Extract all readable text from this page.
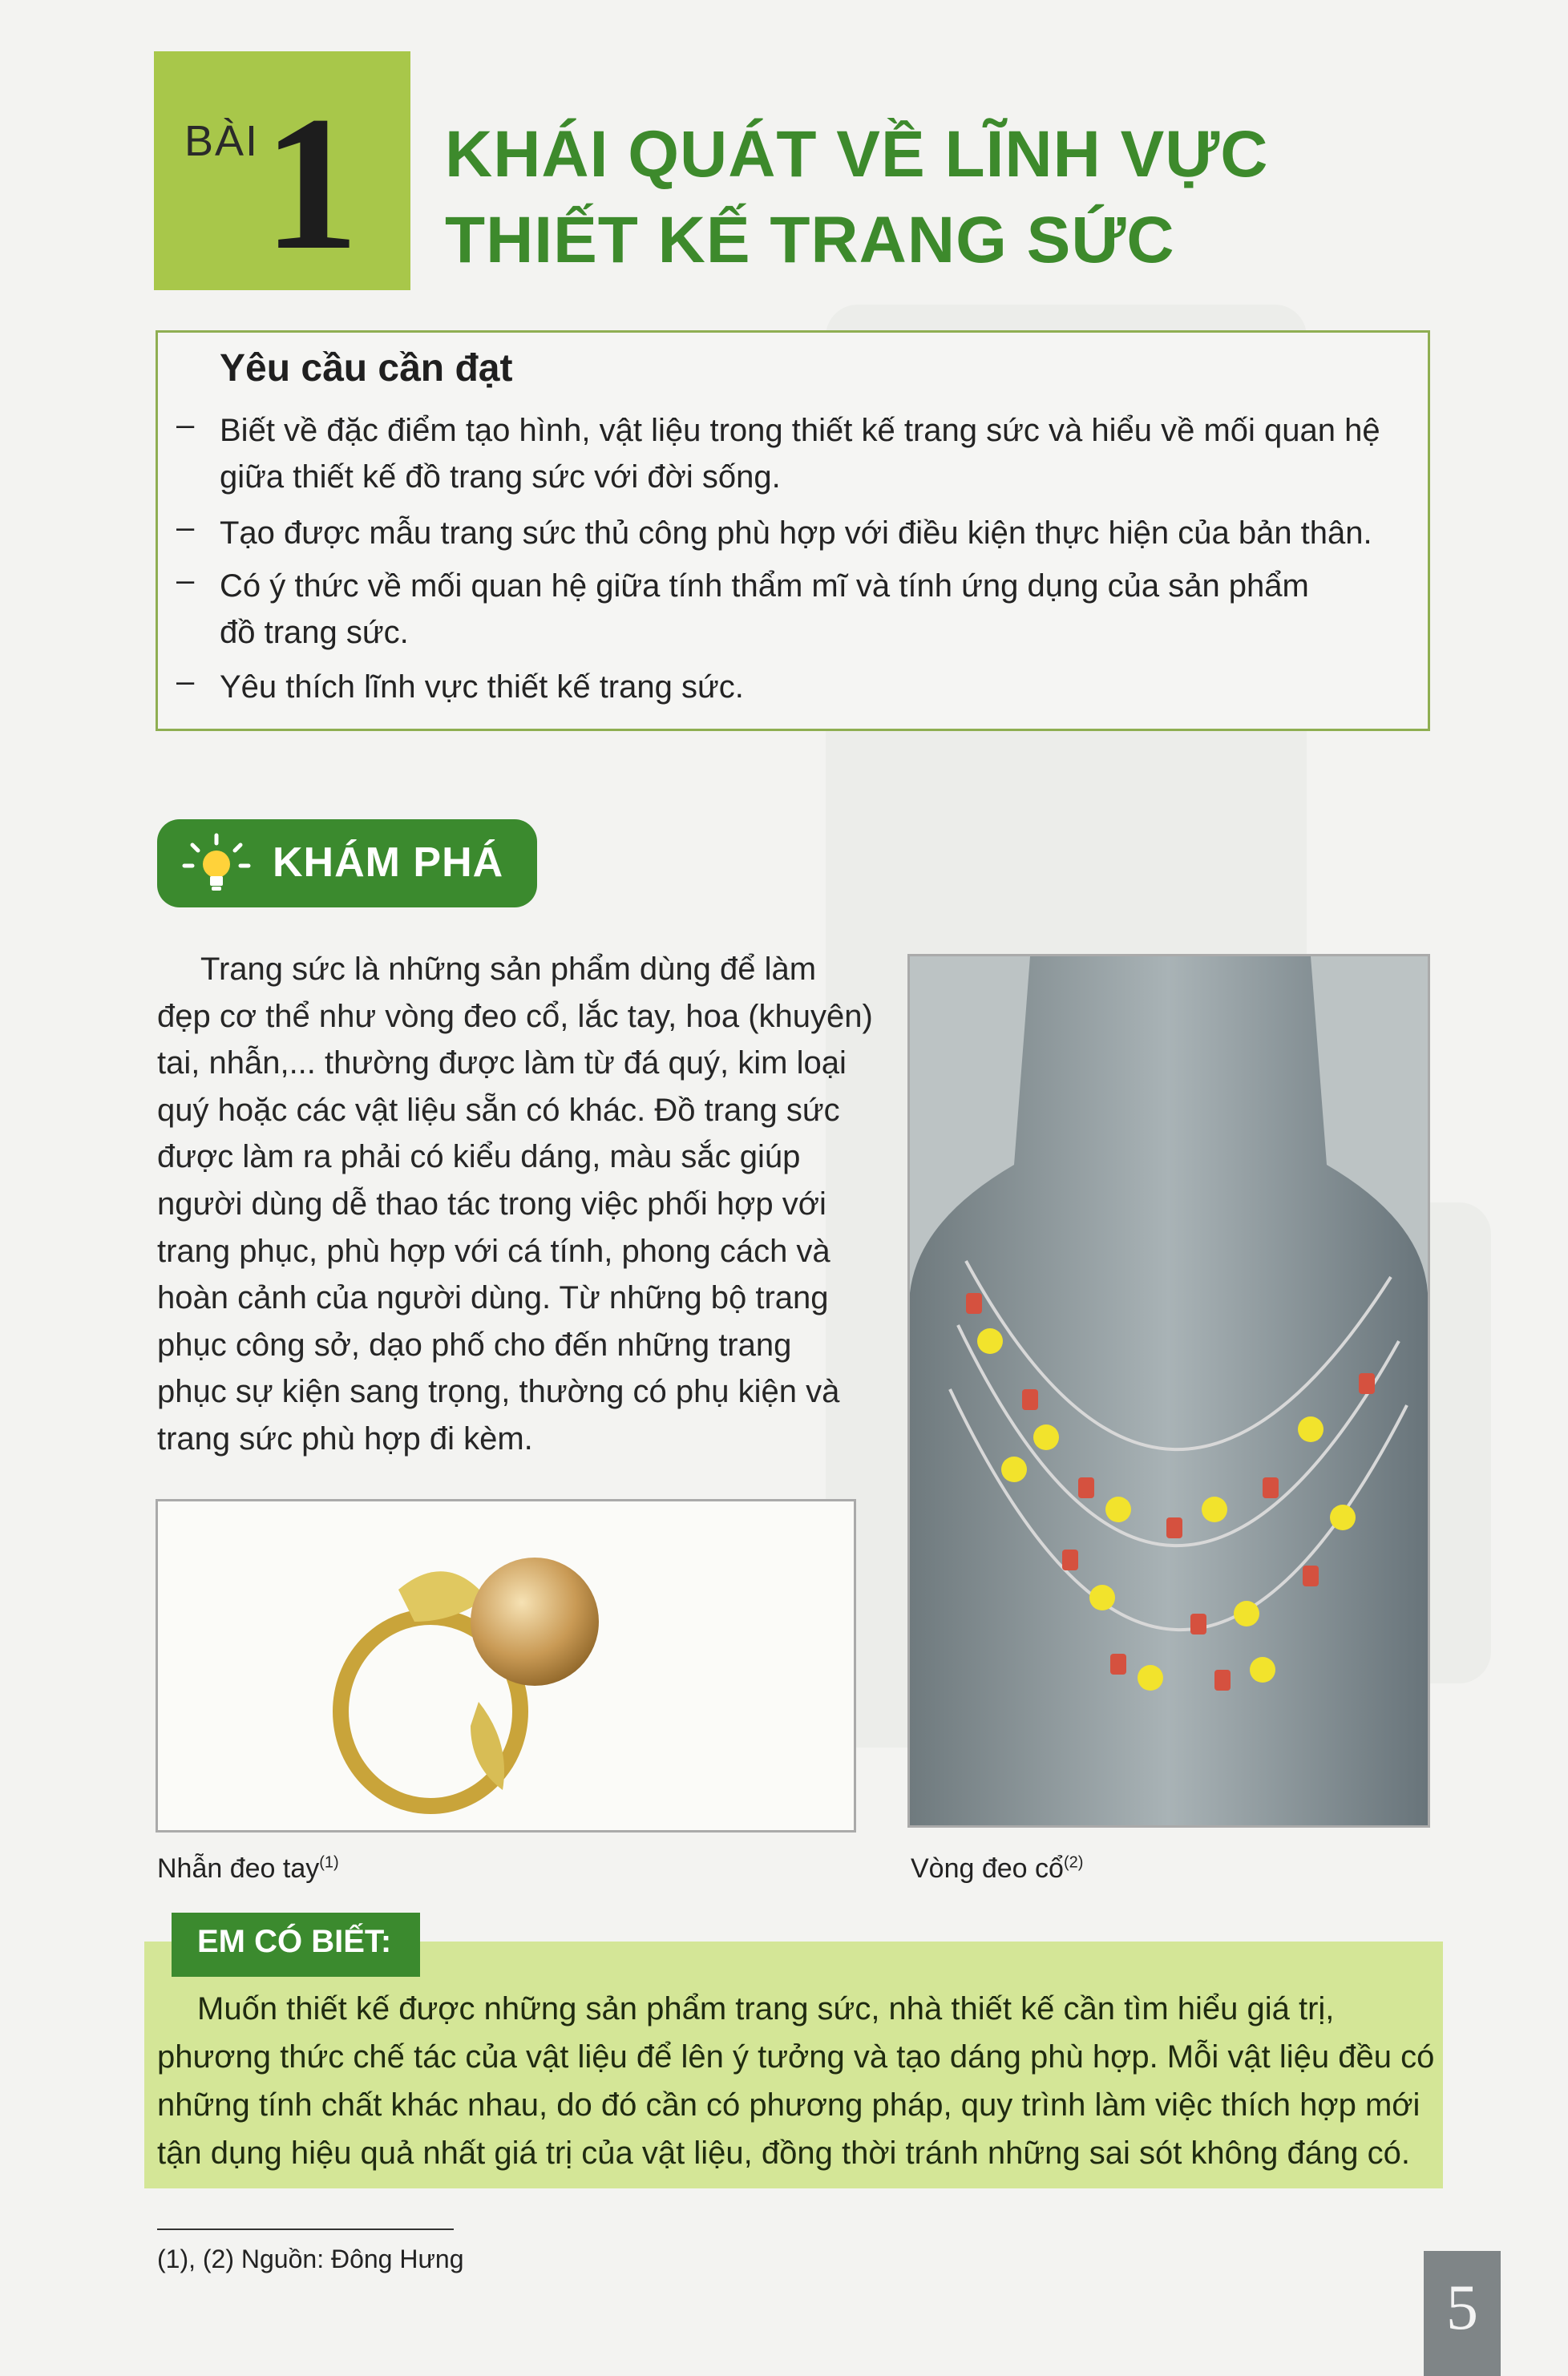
BÀI 1 KHÁI QUÁT VỀ LĨNH VỰC
THIẾT KẾ TRANG SỨC
Yêu cầu cần đạt
– Biết về đặc điểm tạo hình, vật liệu trong thiết kế trang sức và hiểu về mối quan hệ
giữa thiết kế đồ trang sức với đời sống.
– Tạo được mẫu trang sức thủ công phù hợp với điều kiện thực hiện của bản thân.
– Có ý thức về mối quan hệ giữa tính thẩm mĩ và tính ứng dụng của sản phẩm
đồ trang sức.
– Yêu thích lĩnh vực thiết kế trang sức.
KHÁM PHÁ
Trang sức là những sản phẩm dùng để làm
đẹp cơ thể như vòng đeo cổ, lắc tay, hoa (khuyên)
tai, nhẫn,... thường được làm từ đá quý, kim loại
quý hoặc các vật liệu sẵn có khác. Đồ trang sức
được làm ra phải có kiểu dáng, màu sắc giúp
người dùng dễ thao tác trong việc phối hợp với
trang phục, phù hợp với cá tính, phong cách và
hoàn cảnh của người dùng. Từ những bộ trang
phục công sở, dạo phố cho đến những trang
phục sự kiện sang trọng, thường có phụ kiện và
trang sức phù hợp đi kèm.
Vòng đeo cổ$^{(2)}$
Nhẫn đeo tay$^{(1)}$
EM CÓ BIẾT:
Muốn thiết kế được những sản phẩm trang sức, nhà thiết kế cần tìm hiểu giá trị,
phương thức chế tác của vật liệu để lên ý tưởng và tạo dáng phù hợp. Mỗi vật liệu đều có
những tính chất khác nhau, do đó cần có phương pháp, quy trình làm việc thích hợp mới
tận dụng hiệu quả nhất giá trị của vật liệu, đồng thời tránh những sai sót không đáng có.
(1), (2) Nguồn: Đông Hưng
5
